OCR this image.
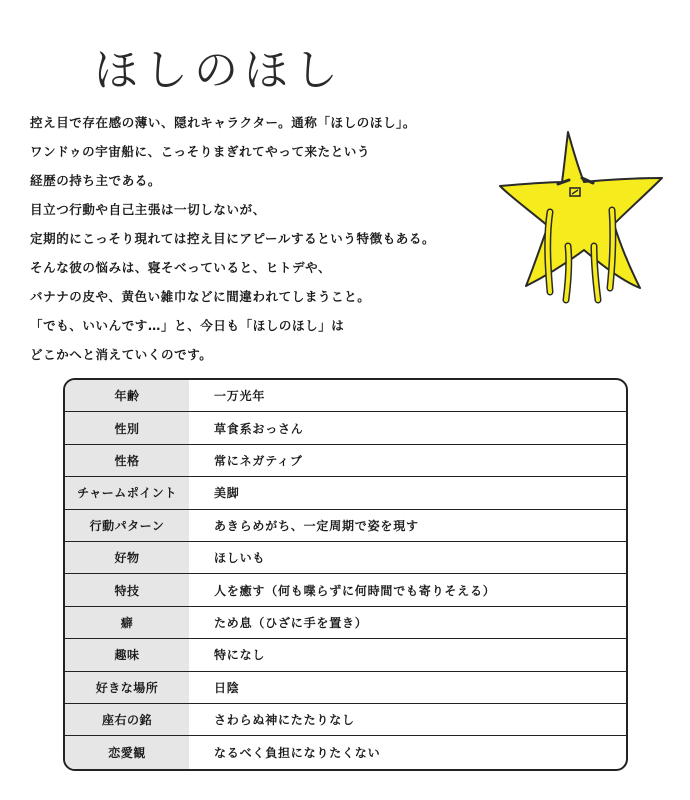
ほしのほし

控え目で存在感の薄い、隠れキャラクター。通称「ほしのほし」。

ワンドゥの宇宙船に、こっそりまぎれてやって来たという

経歴の持ち主である。

目立つ行動や自己主張は一切しないが、

定期的にこっそり現れては控え目にアピールするという特徴もある。

そんな彼の悩みは、寝そべっていると、ヒトデや、

バナナの皮や、黄色い雑巾などに間違われてしまうこと。

「でも、いいんです…」と、今日も「ほしのほし」は

どこかへと消えていくのです。

年齢	一万光年
性別	草食系おっさん
性格	常にネガティブ
チャームポイント	美脚
行動パターン	あきらめがち、一定周期で姿を現す
好物	ほしいも
特技	人を癒す（何も喋らずに何時間でも寄りそえる）
癖	ため息（ひざに手を置き）
趣味	特になし
好きな場所	日陰
座右の銘	さわらぬ神にたたりなし
恋愛観	なるべく負担になりたくない
